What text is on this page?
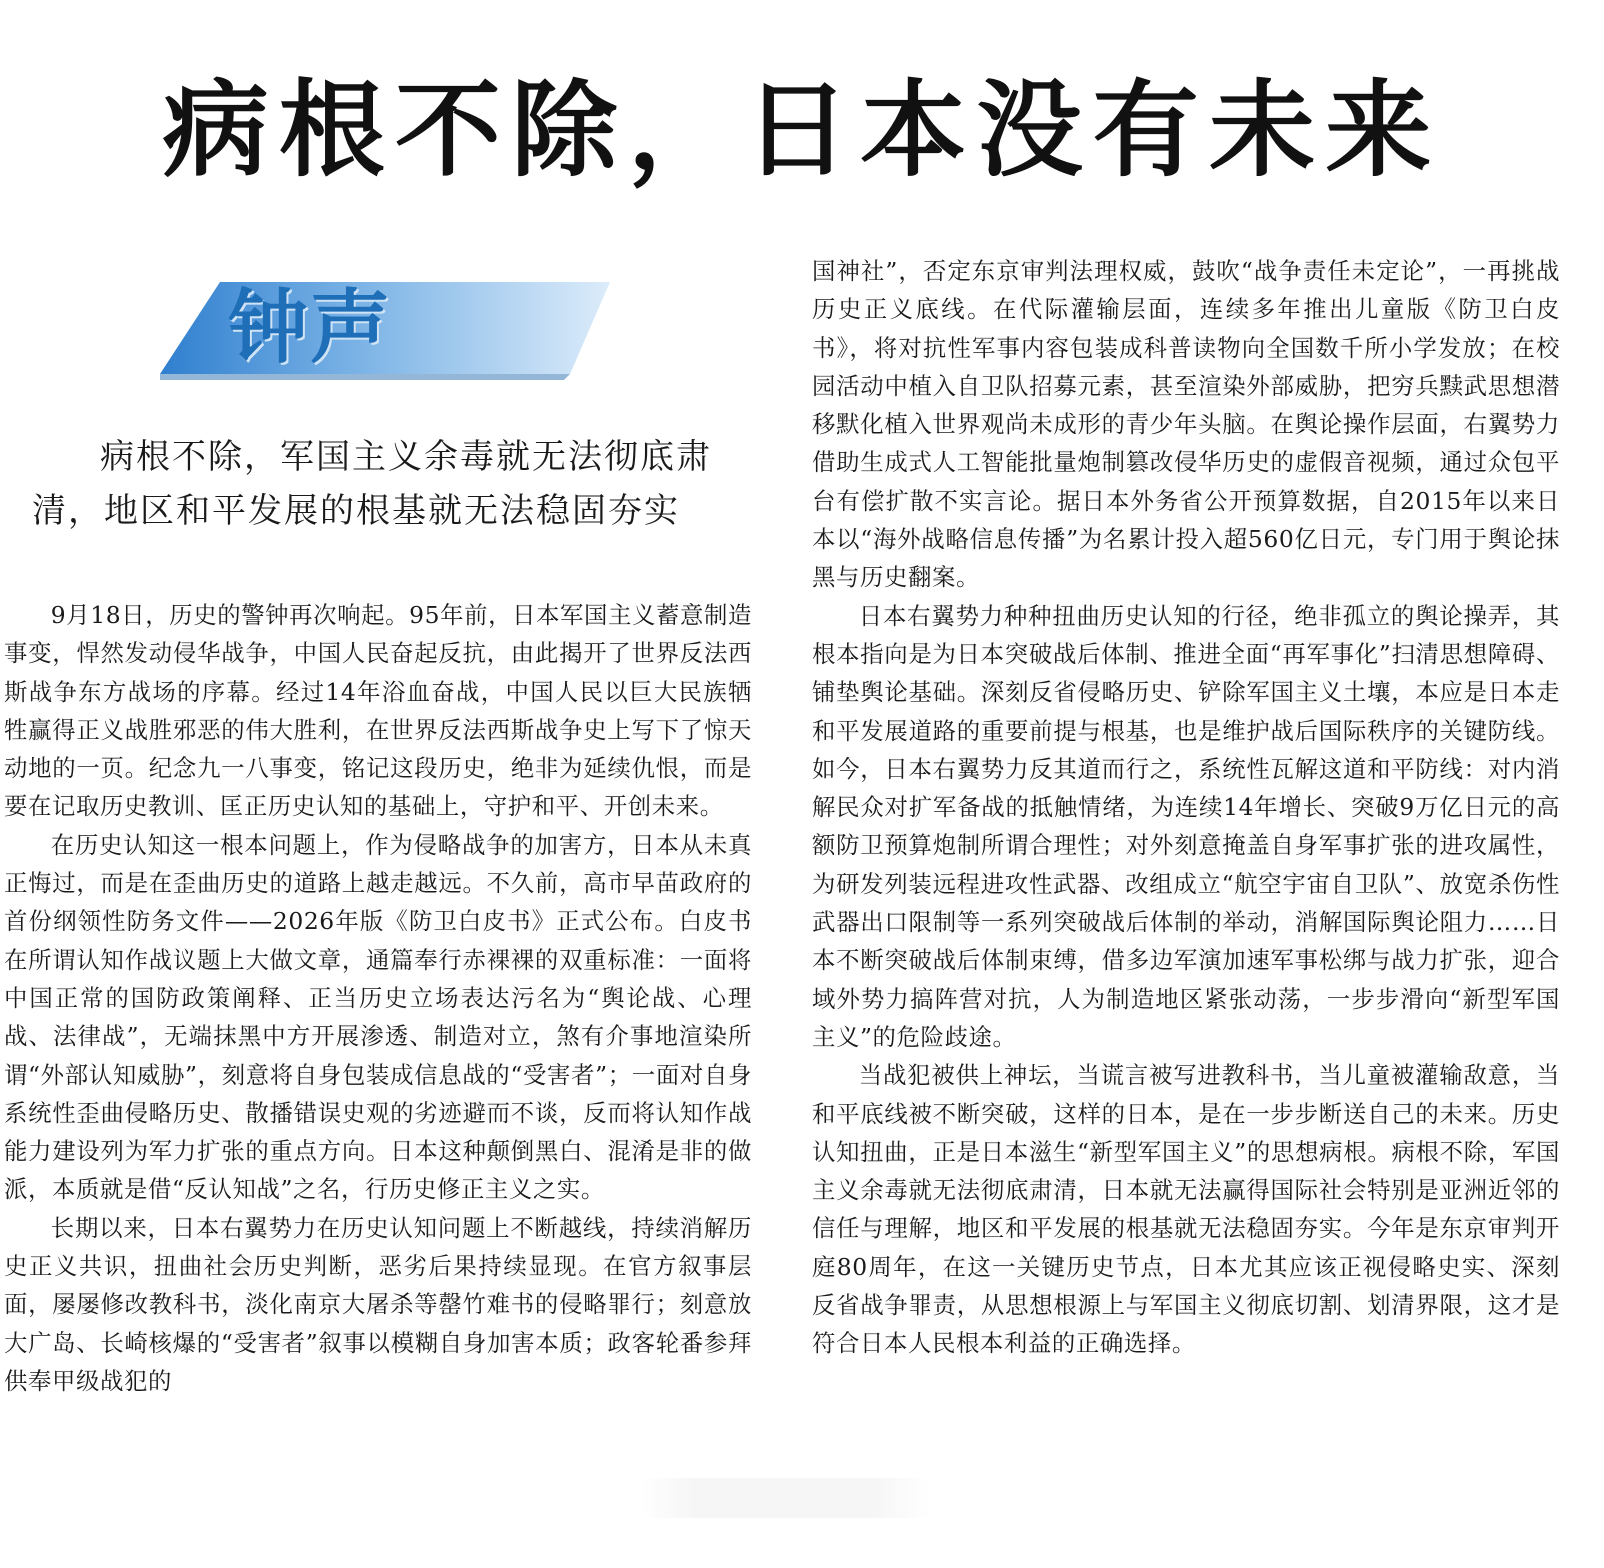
病根不除，日本没有未来
钟声
病根不除，军国主义余毒就无法彻底肃清，地区和平发展的根基就无法稳固夯实

9月18日，历史的警钟再次响起。95年前，日本军国主义蓄意制造事变，悍然发动侵华战争，中国人民奋起反抗，由此揭开了世界反法西斯战争东方战场的序幕。经过14年浴血奋战，中国人民以巨大民族牺牲赢得正义战胜邪恶的伟大胜利，在世界反法西斯战争史上写下了惊天动地的一页。纪念九一八事变，铭记这段历史，绝非为延续仇恨，而是要在记取历史教训、匡正历史认知的基础上，守护和平、开创未来。

在历史认知这一根本问题上，作为侵略战争的加害方，日本从未真正悔过，而是在歪曲历史的道路上越走越远。不久前，高市早苗政府的首份纲领性防务文件——2026年版《防卫白皮书》正式公布。白皮书在所谓认知作战议题上大做文章，通篇奉行赤裸裸的双重标准：一面将中国正常的国防政策阐释、正当历史立场表达污名为“舆论战、心理战、法律战”，无端抹黑中方开展渗透、制造对立，煞有介事地渲染所谓“外部认知威胁”，刻意将自身包装成信息战的“受害者”；一面对自身系统性歪曲侵略历史、散播错误史观的劣迹避而不谈，反而将认知作战能力建设列为军力扩张的重点方向。日本这种颠倒黑白、混淆是非的做派，本质就是借“反认知战”之名，行历史修正主义之实。

长期以来，日本右翼势力在历史认知问题上不断越线，持续消解历史正义共识，扭曲社会历史判断，恶劣后果持续显现。在官方叙事层面，屡屡修改教科书，淡化南京大屠杀等罄竹难书的侵略罪行；刻意放大广岛、长崎核爆的“受害者”叙事以模糊自身加害本质；政客轮番参拜供奉甲级战犯的

国神社”，否定东京审判法理权威，鼓吹“战争责任未定论”，一再挑战历史正义底线。在代际灌输层面，连续多年推出儿童版《防卫白皮书》，将对抗性军事内容包装成科普读物向全国数千所小学发放；在校园活动中植入自卫队招募元素，甚至渲染外部威胁，把穷兵黩武思想潜移默化植入世界观尚未成形的青少年头脑。在舆论操作层面，右翼势力借助生成式人工智能批量炮制篡改侵华历史的虚假音视频，通过众包平台有偿扩散不实言论。据日本外务省公开预算数据，自2015年以来日本以“海外战略信息传播”为名累计投入超560亿日元，专门用于舆论抹黑与历史翻案。

日本右翼势力种种扭曲历史认知的行径，绝非孤立的舆论操弄，其根本指向是为日本突破战后体制、推进全面“再军事化”扫清思想障碍、铺垫舆论基础。深刻反省侵略历史、铲除军国主义土壤，本应是日本走和平发展道路的重要前提与根基，也是维护战后国际秩序的关键防线。如今，日本右翼势力反其道而行之，系统性瓦解这道和平防线：对内消解民众对扩军备战的抵触情绪，为连续14年增长、突破9万亿日元的高额防卫预算炮制所谓合理性；对外刻意掩盖自身军事扩张的进攻属性，为研发列装远程进攻性武器、改组成立“航空宇宙自卫队”、放宽杀伤性武器出口限制等一系列突破战后体制的举动，消解国际舆论阻力……日本不断突破战后体制束缚，借多边军演加速军事松绑与战力扩张，迎合域外势力搞阵营对抗，人为制造地区紧张动荡，一步步滑向“新型军国主义”的危险歧途。

当战犯被供上神坛，当谎言被写进教科书，当儿童被灌输敌意，当和平底线被不断突破，这样的日本，是在一步步断送自己的未来。历史认知扭曲，正是日本滋生“新型军国主义”的思想病根。病根不除，军国主义余毒就无法彻底肃清，日本就无法赢得国际社会特别是亚洲近邻的信任与理解，地区和平发展的根基就无法稳固夯实。今年是东京审判开庭80周年，在这一关键历史节点，日本尤其应该正视侵略史实、深刻反省战争罪责，从思想根源上与军国主义彻底切割、划清界限，这才是符合日本人民根本利益的正确选择。
